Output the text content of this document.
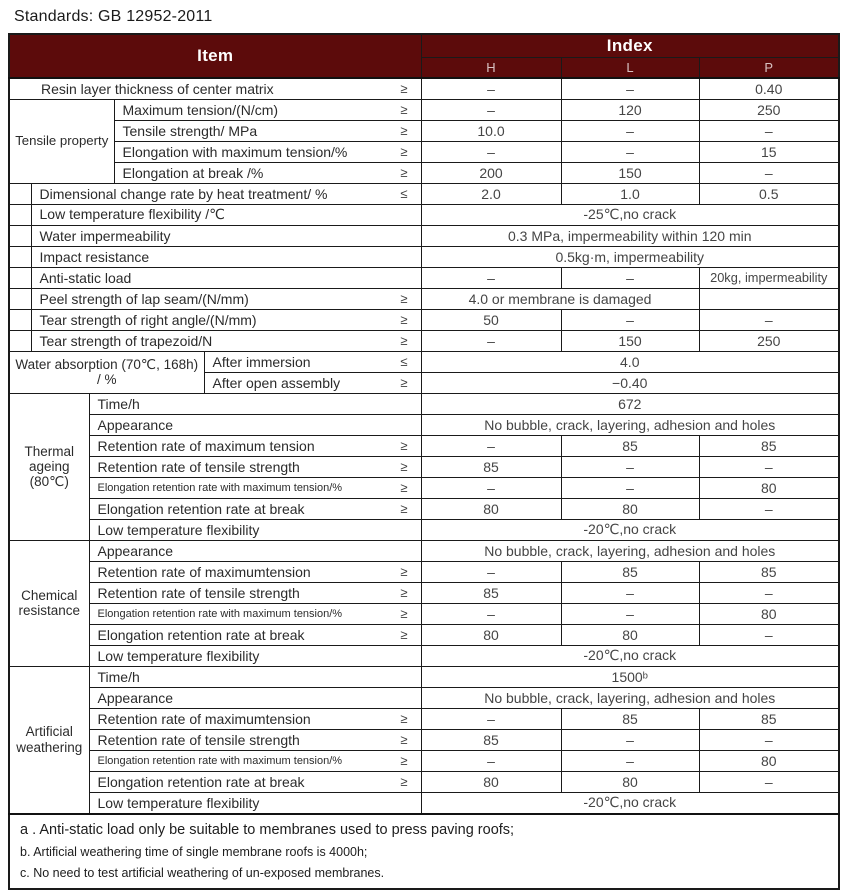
Standards: GB 12952-2011
Item					Index		
					H	L	P

Resin layer thickness of center matrix ≥					–	–	0.40
Tensile property			Maximum tension/(N/cm) ≥		–	120	250

			Tensile strength/ MPa ≥		10.0	–	–

			Elongation with maximum tension/% ≥		–	–	15

			Elongation at break /% ≥		200	150	–

	Dimensional change rate by heat treatment/ % ≤				2.0	1.0	0.5
	Low temperature flexibility /℃				-25℃,no crack		
	Water impermeability				0.3 MPa, impermeability within 120 min		
	Impact resistance				0.5kg·m, impermeability		
	Anti-static load				–	–	20kg, impermeability

	Peel strength of lap seam/(N/mm) ≥				4.0 or membrane is damaged		

	Tear strength of right angle/(N/mm) ≥				50	–	–

	Tear strength of trapezoid/N ≥				–	150	250
Water absorption (70℃, 168h) / %				After immersion ≤	4.0		

				After open assembly ≥	−0.40		
Thermal ageing (80℃)		Time/h			672		
		Appearance			No bubble, crack, layering, adhesion and holes		

		Retention rate of maximum tension ≥			–	85	85

		Retention rate of tensile strength ≥			85	–	–

		Elongation retention rate with maximum tension/% ≥			–	–	80

		Elongation retention rate at break ≥			80	80	–
		Low temperature flexibility			-20℃,no crack		
Chemical resistance		Appearance			No bubble, crack, layering, adhesion and holes		

		Retention rate of maximumtension ≥			–	85	85

		Retention rate of tensile strength ≥			85	–	–

		Elongation retention rate with maximum tension/% ≥			–	–	80

		Elongation retention rate at break ≥			80	80	–
		Low temperature flexibility			-20℃,no crack		
Artificial weathering		Time/h			1500ᵇ		
		Appearance			No bubble, crack, layering, adhesion and holes		

		Retention rate of maximumtension ≥			–	85	85

		Retention rate of tensile strength ≥			85	–	–

		Elongation retention rate with maximum tension/% ≥			–	–	80

		Elongation retention rate at break ≥			80	80	–
		Low temperature flexibility			-20℃,no crack		

a . Anti-static load only be suitable to membranes used to press paving roofs;
b. Artificial weathering time of single membrane roofs is 4000h;
c. No need to test artificial weathering of un-exposed membranes.							
